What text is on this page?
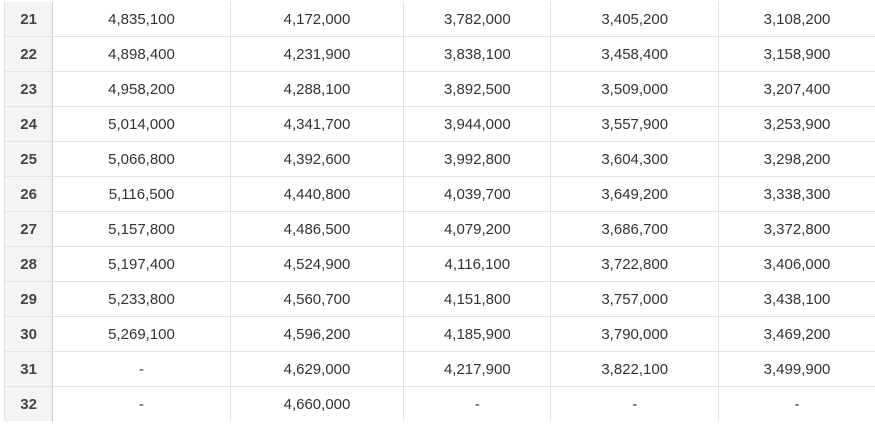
21	4,835,100	4,172,000	3,782,000	3,405,200	3,108,200
22	4,898,400	4,231,900	3,838,100	3,458,400	3,158,900
23	4,958,200	4,288,100	3,892,500	3,509,000	3,207,400
24	5,014,000	4,341,700	3,944,000	3,557,900	3,253,900
25	5,066,800	4,392,600	3,992,800	3,604,300	3,298,200
26	5,116,500	4,440,800	4,039,700	3,649,200	3,338,300
27	5,157,800	4,486,500	4,079,200	3,686,700	3,372,800
28	5,197,400	4,524,900	4,116,100	3,722,800	3,406,000
29	5,233,800	4,560,700	4,151,800	3,757,000	3,438,100
30	5,269,100	4,596,200	4,185,900	3,790,000	3,469,200
31	-	4,629,000	4,217,900	3,822,100	3,499,900
32	-	4,660,000	-	-	-
